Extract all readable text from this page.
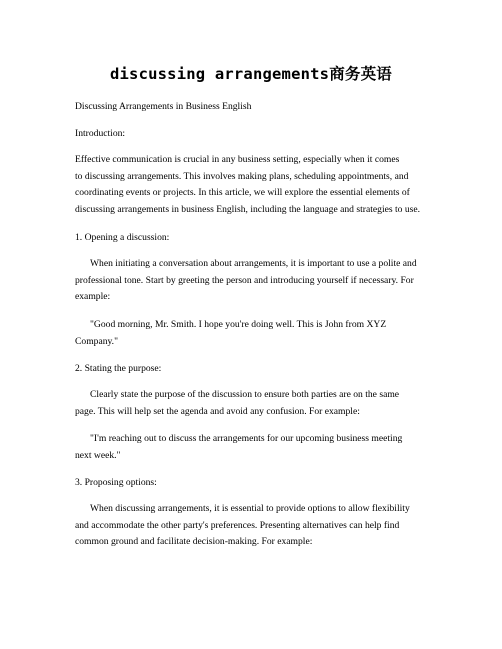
discussing arrangements商务英语
Discussing Arrangements in Business English
Introduction:
Effective communication is crucial in any business setting, especially when it comes
to discussing arrangements. This involves making plans, scheduling appointments, and
coordinating events or projects. In this article, we will explore the essential elements of
discussing arrangements in business English, including the language and strategies to use.
1. Opening a discussion:
When initiating a conversation about arrangements, it is important to use a polite and
professional tone. Start by greeting the person and introducing yourself if necessary. For
example:
"Good morning, Mr. Smith. I hope you're doing well. This is John from XYZ
Company."
2. Stating the purpose:
Clearly state the purpose of the discussion to ensure both parties are on the same
page. This will help set the agenda and avoid any confusion. For example:
"I'm reaching out to discuss the arrangements for our upcoming business meeting
next week."
3. Proposing options:
When discussing arrangements, it is essential to provide options to allow flexibility
and accommodate the other party's preferences. Presenting alternatives can help find
common ground and facilitate decision-making. For example:
